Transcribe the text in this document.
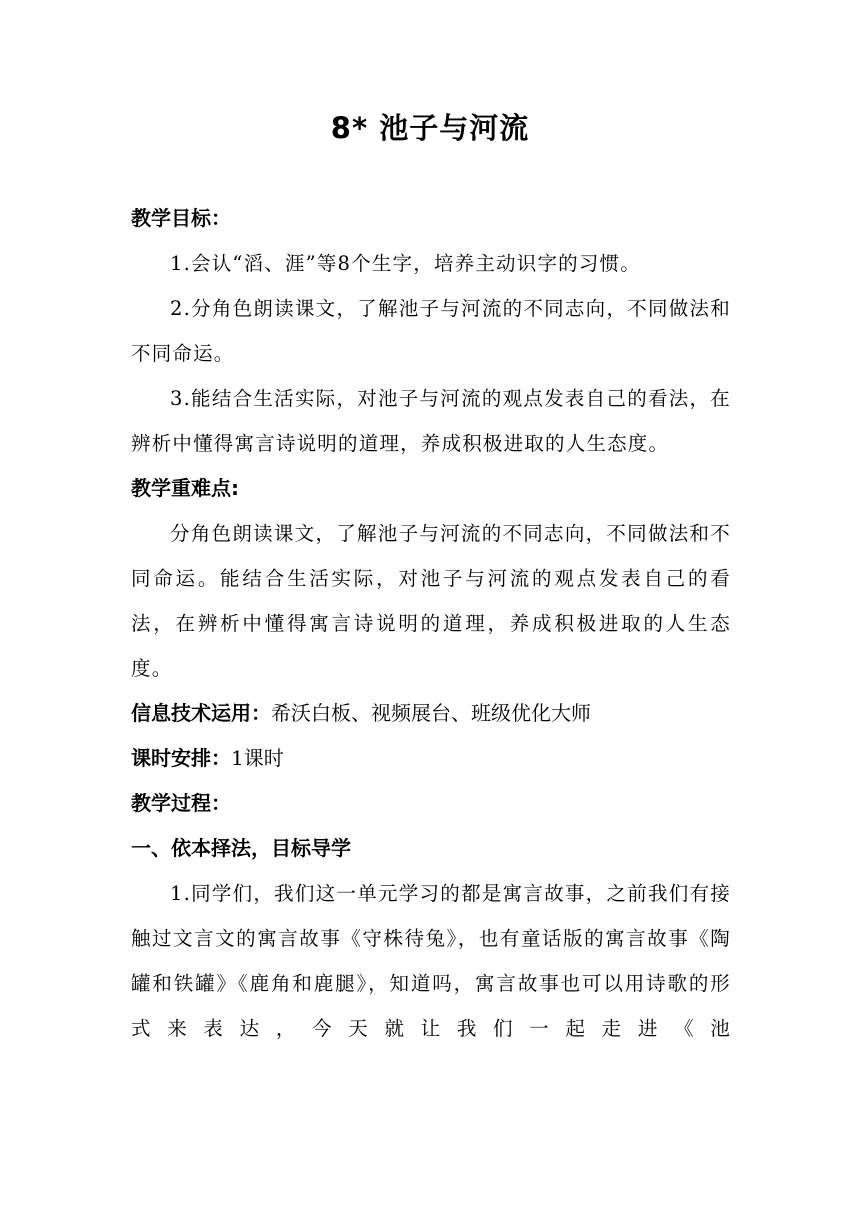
8* 池子与河流
教学目标：

1.会认“滔、涯”等8个生字，培养主动识字的习惯。

2.分角色朗读课文，了解池子与河流的不同志向，不同做法和不同命运。

3.能结合生活实际，对池子与河流的观点发表自己的看法，在辨析中懂得寓言诗说明的道理，养成积极进取的人生态度。

教学重难点:

分角色朗读课文，了解池子与河流的不同志向，不同做法和不同命运。能结合生活实际，对池子与河流的观点发表自己的看法，在辨析中懂得寓言诗说明的道理，养成积极进取的人生态度。

信息技术运用：希沃白板、视频展台、班级优化大师
课时安排：1课时
教学过程：
一、依本择法，目标导学

1.同学们，我们这一单元学习的都是寓言故事，之前我们有接触过文言文的寓言故事《守株待兔》，也有童话版的寓言故事《陶罐和铁罐》《鹿角和鹿腿》，知道吗，寓言故事也可以用诗歌的形式来表达，今天就让我们一起走进《池
